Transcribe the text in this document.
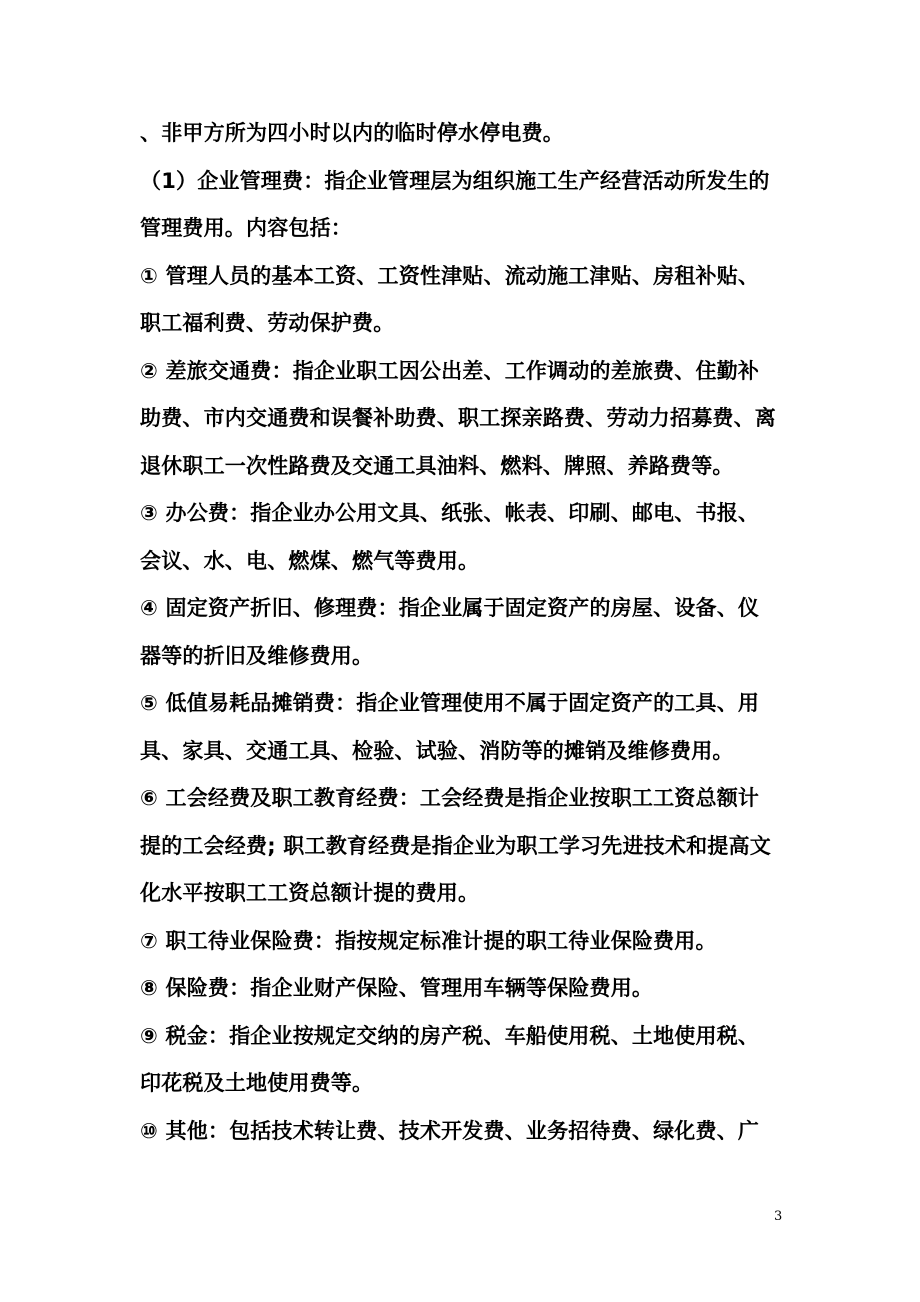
、非甲方所为四小时以内的临时停水停电费。
（1）企业管理费：指企业管理层为组织施工生产经营活动所发生的
管理费用。内容包括：
① 管理人员的基本工资、工资性津贴、流动施工津贴、房租补贴、
职工福利费、劳动保护费。
② 差旅交通费：指企业职工因公出差、工作调动的差旅费、住勤补
助费、市内交通费和误餐补助费、职工探亲路费、劳动力招募费、离
退休职工一次性路费及交通工具油料、燃料、牌照、养路费等。
③ 办公费：指企业办公用文具、纸张、帐表、印刷、邮电、书报、
会议、水、电、燃煤、燃气等费用。
④ 固定资产折旧、修理费：指企业属于固定资产的房屋、设备、仪
器等的折旧及维修费用。
⑤ 低值易耗品摊销费：指企业管理使用不属于固定资产的工具、用
具、家具、交通工具、检验、试验、消防等的摊销及维修费用。
⑥ 工会经费及职工教育经费：工会经费是指企业按职工工资总额计
提的工会经费; 职工教育经费是指企业为职工学习先进技术和提高文
化水平按职工工资总额计提的费用。
⑦ 职工待业保险费：指按规定标准计提的职工待业保险费用。
⑧ 保险费：指企业财产保险、管理用车辆等保险费用。
⑨ 税金：指企业按规定交纳的房产税、车船使用税、土地使用税、
印花税及土地使用费等。
⑩ 其他：包括技术转让费、技术开发费、业务招待费、绿化费、广
3
